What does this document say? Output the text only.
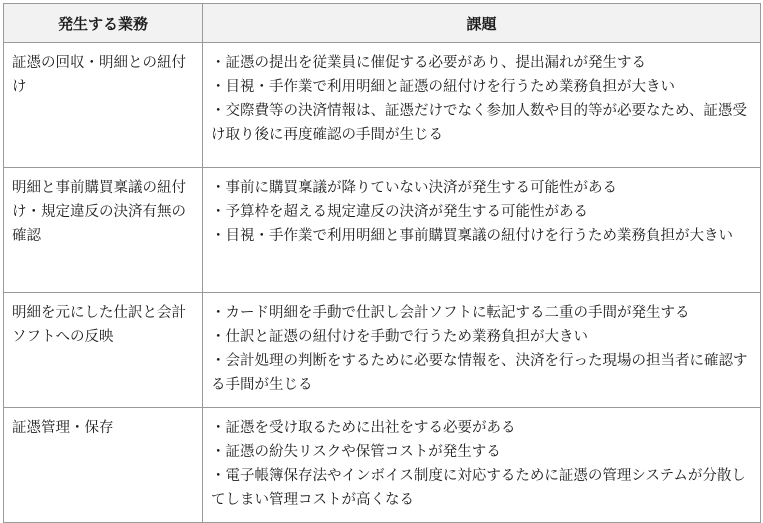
発生する業務	課題
証憑の回収・明細との紐付け	・証憑の提出を従業員に催促する必要があり、提出漏れが発生する
・目視・手作業で利用明細と証憑の紐付けを行うため業務負担が大きい
・交際費等の決済情報は、証憑だけでなく参加人数や目的等が必要なため、証憑受け取り後に再度確認の手間が生じる

明細と事前購買稟議の紐付け・規定違反の決済有無の確認	・事前に購買稟議が降りていない決済が発生する可能性がある
・予算枠を超える規定違反の決済が発生する可能性がある
・目視・手作業で利用明細と事前購買稟議の紐付けを行うため業務負担が大きい

明細を元にした仕訳と会計ソフトへの反映	・カード明細を手動で仕訳し会計ソフトに転記する二重の手間が発生する
・仕訳と証憑の紐付けを手動で行うため業務負担が大きい
・会計処理の判断をするために必要な情報を、決済を行った現場の担当者に確認する手間が生じる

証憑管理・保存	・証憑を受け取るために出社をする必要がある
・証憑の紛失リスクや保管コストが発生する
・電子帳簿保存法やインボイス制度に対応するために証憑の管理システムが分散してしまい管理コストが高くなる
